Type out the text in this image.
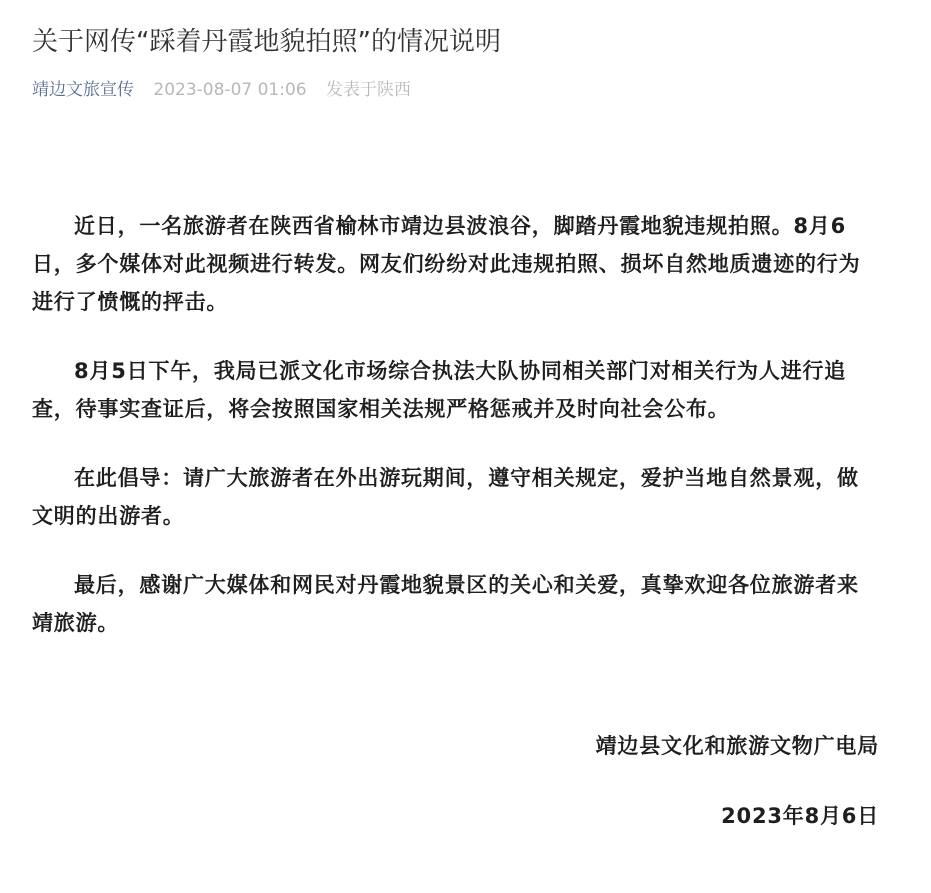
关于网传“踩着丹霞地貌拍照”的情况说明
靖边文旅宣传 2023-08-07 01:06 发表于陕西

近日，一名旅游者在陕西省榆林市靖边县波浪谷，脚踏丹霞地貌违规拍照。8月6日，多个媒体对此视频进行转发。网友们纷纷对此违规拍照、损坏自然地质遗迹的行为进行了愤慨的抨击。

8月5日下午，我局已派文化市场综合执法大队协同相关部门对相关行为人进行追查，待事实查证后，将会按照国家相关法规严格惩戒并及时向社会公布。

在此倡导：请广大旅游者在外出游玩期间，遵守相关规定，爱护当地自然景观，做文明的出游者。

最后，感谢广大媒体和网民对丹霞地貌景区的关心和关爱，真挚欢迎各位旅游者来靖旅游。

靖边县文化和旅游文物广电局
2023年8月6日
